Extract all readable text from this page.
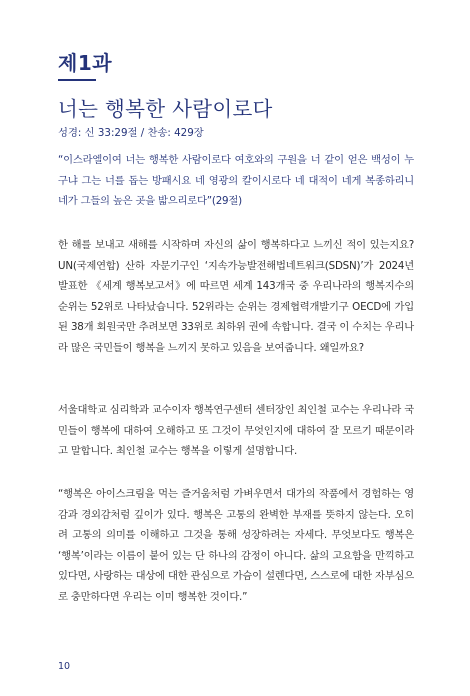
제1과
너는 행복한 사람이로다
성경: 신 33:29절 / 찬송: 429장

“이스라엘이여 너는 행복한 사람이로다 여호와의 구원을 너 같이 얻은 백성이 누구냐 그는 너를 돕는 방패시요 네 영광의 칼이시로다 네 대적이 네게 복종하리니 네가 그들의 높은 곳을 밟으리로다”(29절)

한 해를 보내고 새해를 시작하며 자신의 삶이 행복하다고 느끼신 적이 있는지요? UN(국제연합) 산하 자문기구인 ‘지속가능발전해법네트워크(SDSN)’가 2024년 발표한 《세계 행복보고서》에 따르면 세계 143개국 중 우리나라의 행복지수의 순위는 52위로 나타났습니다. 52위라는 순위는 경제협력개발기구 OECD에 가입된 38개 회원국만 추려보면 33위로 최하위 권에 속합니다. 결국 이 수치는 우리나라 많은 국민들이 행복을 느끼지 못하고 있음을 보여줍니다. 왜일까요?

서울대학교 심리학과 교수이자 행복연구센터 센터장인 최인철 교수는 우리나라 국민들이 행복에 대하여 오해하고 또 그것이 무엇인지에 대하여 잘 모르기 때문이라고 말합니다. 최인철 교수는 행복을 이렇게 설명합니다.

“행복은 아이스크림을 먹는 즐거움처럼 가벼우면서 대가의 작품에서 경험하는 영감과 경외감처럼 깊이가 있다. 행복은 고통의 완벽한 부재를 뜻하지 않는다. 오히려 고통의 의미를 이해하고 그것을 통해 성장하려는 자세다. 무엇보다도 행복은 ‘행복’이라는 이름이 붙어 있는 단 하나의 감정이 아니다. 삶의 고요함을 만끽하고 있다면, 사랑하는 대상에 대한 관심으로 가슴이 설렌다면, 스스로에 대한 자부심으로 충만하다면 우리는 이미 행복한 것이다.”

10
